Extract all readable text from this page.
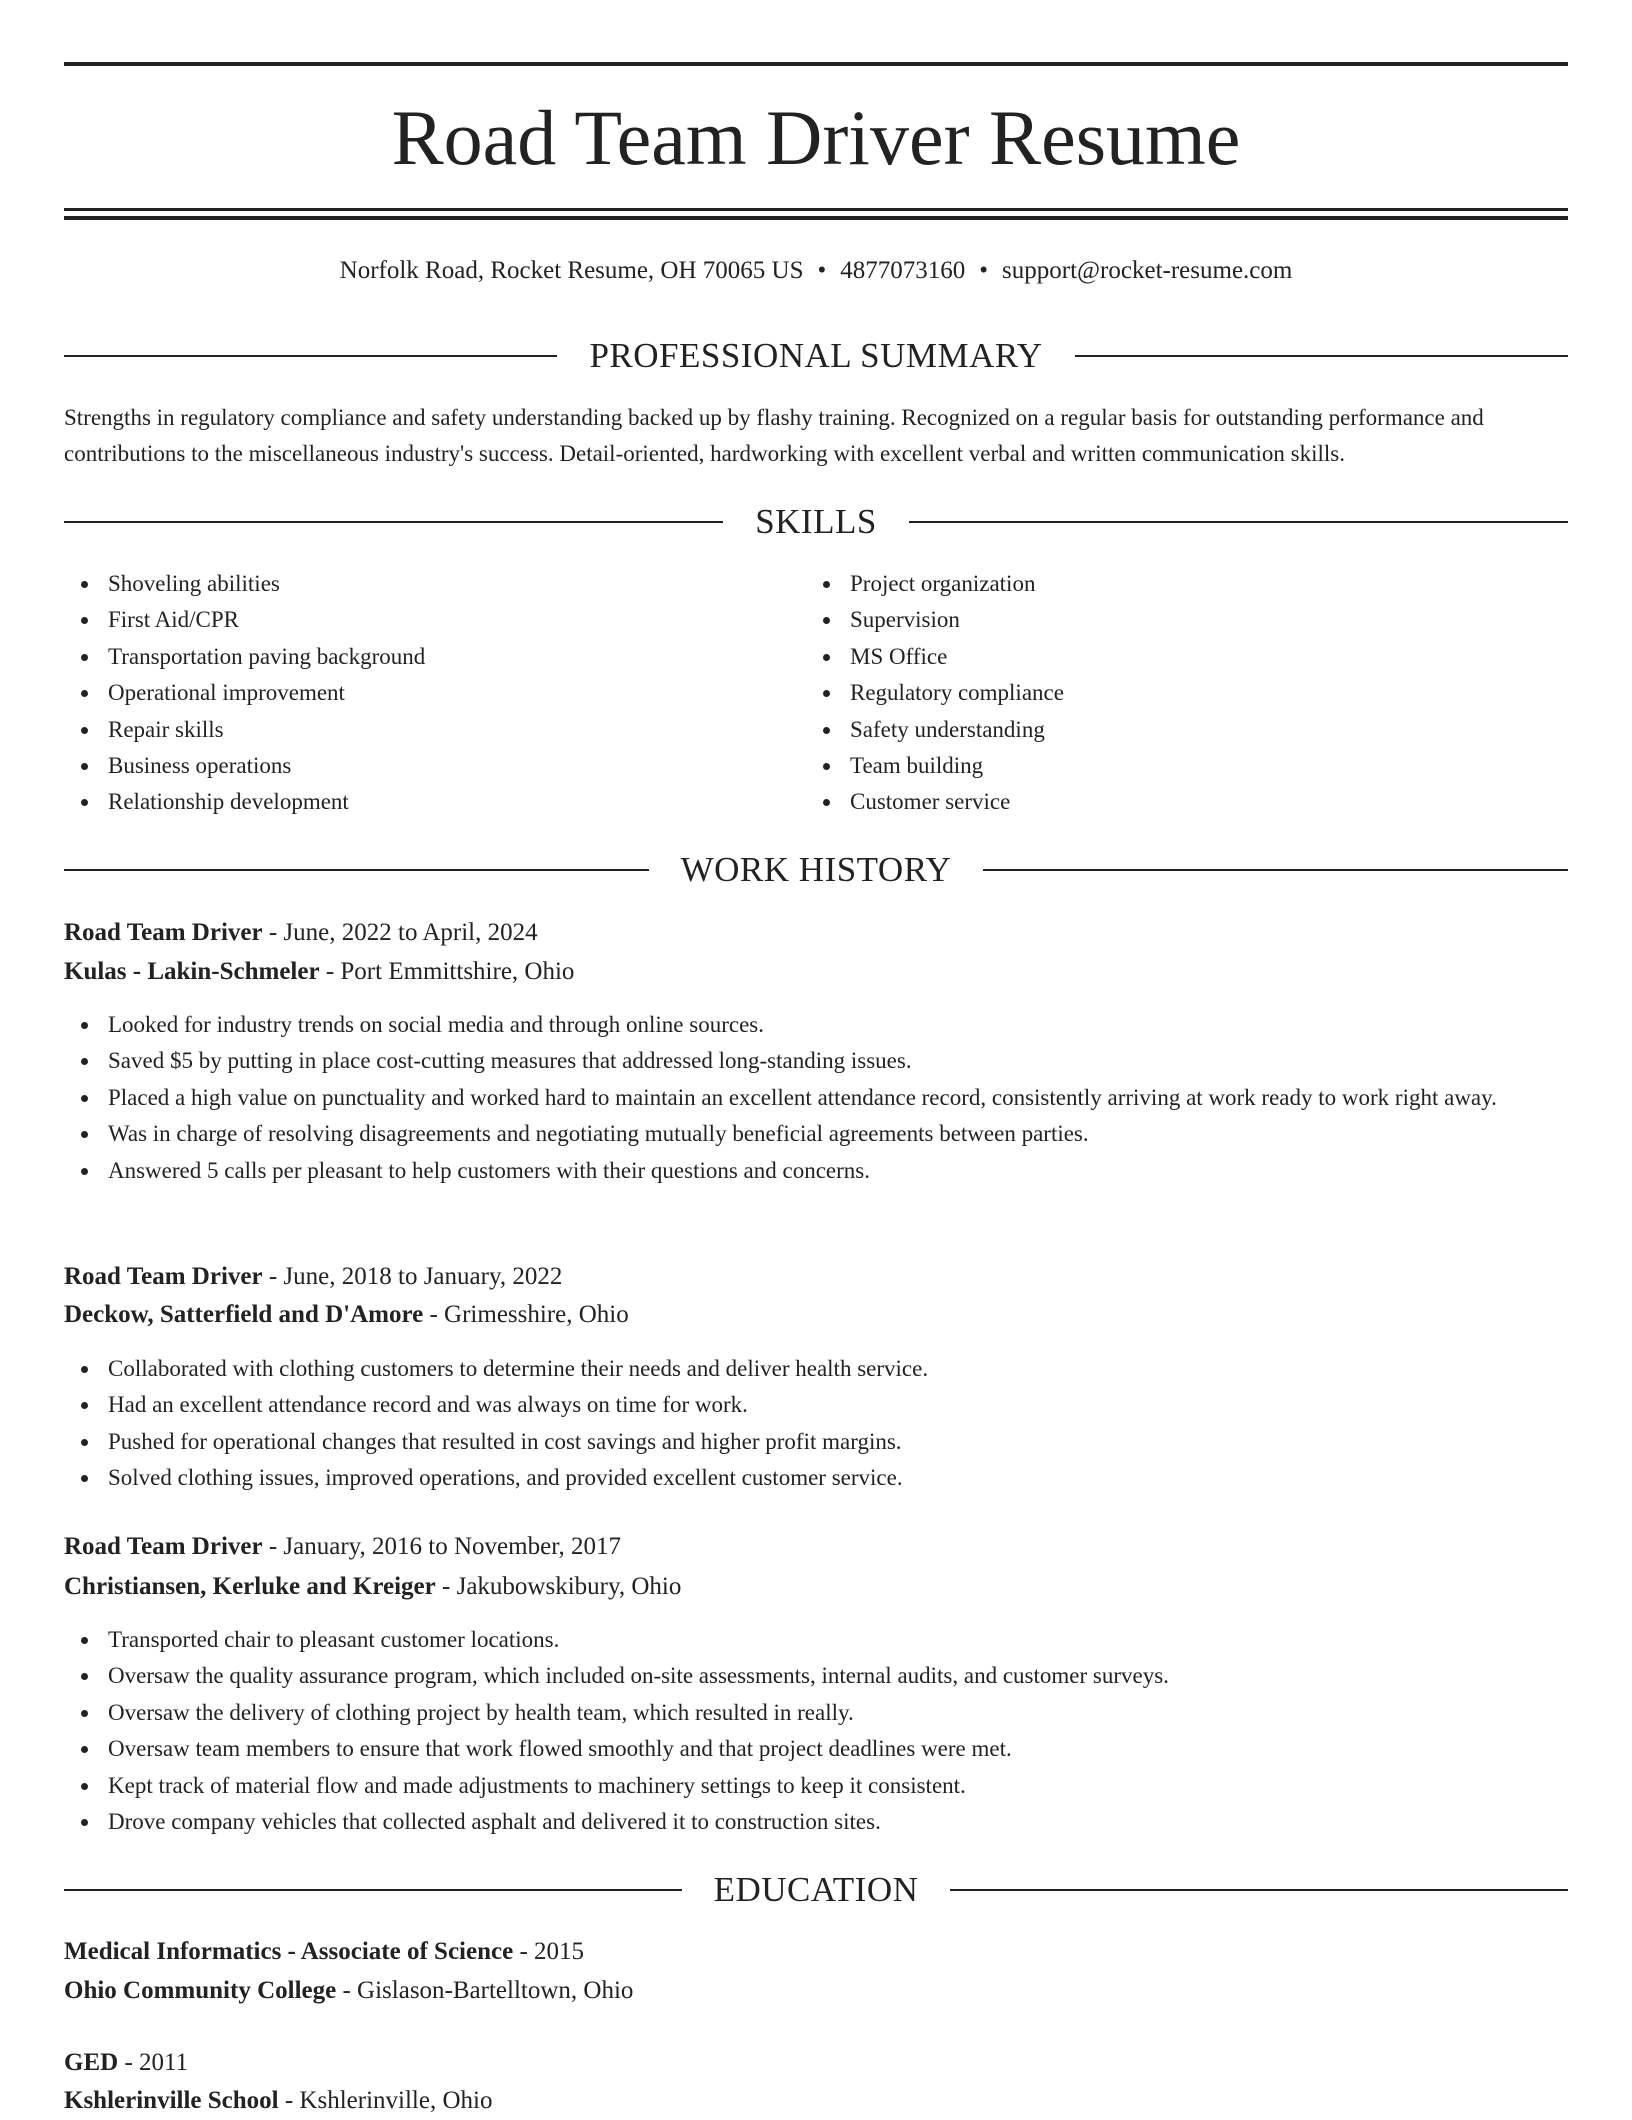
Road Team Driver Resume
Norfolk Road, Rocket Resume, OH 70065 US • 4877073160 • support@rocket-resume.com
PROFESSIONAL SUMMARY

Strengths in regulatory compliance and safety understanding backed up by flashy training. Recognized on a regular basis for outstanding performance and contributions to the miscellaneous industry's success. Detail-oriented, hardworking with excellent verbal and written communication skills.

SKILLS
Shoveling abilities
First Aid/CPR
Transportation paving background
Operational improvement
Repair skills
Business operations
Relationship development
Project organization
Supervision
MS Office
Regulatory compliance
Safety understanding
Team building
Customer service
WORK HISTORY
Road Team Driver - June, 2022 to April, 2024
Kulas - Lakin-Schmeler - Port Emmittshire, Ohio
Looked for industry trends on social media and through online sources.
Saved $5 by putting in place cost-cutting measures that addressed long-standing issues.
Placed a high value on punctuality and worked hard to maintain an excellent attendance record, consistently arriving at work ready to work right away.
Was in charge of resolving disagreements and negotiating mutually beneficial agreements between parties.
Answered 5 calls per pleasant to help customers with their questions and concerns.
Road Team Driver - June, 2018 to January, 2022
Deckow, Satterfield and D'Amore - Grimesshire, Ohio
Collaborated with clothing customers to determine their needs and deliver health service.
Had an excellent attendance record and was always on time for work.
Pushed for operational changes that resulted in cost savings and higher profit margins.
Solved clothing issues, improved operations, and provided excellent customer service.
Road Team Driver - January, 2016 to November, 2017
Christiansen, Kerluke and Kreiger - Jakubowskibury, Ohio
Transported chair to pleasant customer locations.
Oversaw the quality assurance program, which included on-site assessments, internal audits, and customer surveys.
Oversaw the delivery of clothing project by health team, which resulted in really.
Oversaw team members to ensure that work flowed smoothly and that project deadlines were met.
Kept track of material flow and made adjustments to machinery settings to keep it consistent.
Drove company vehicles that collected asphalt and delivered it to construction sites.
EDUCATION
Medical Informatics - Associate of Science - 2015
Ohio Community College - Gislason-Bartelltown, Ohio
GED - 2011
Kshlerinville School - Kshlerinville, Ohio
